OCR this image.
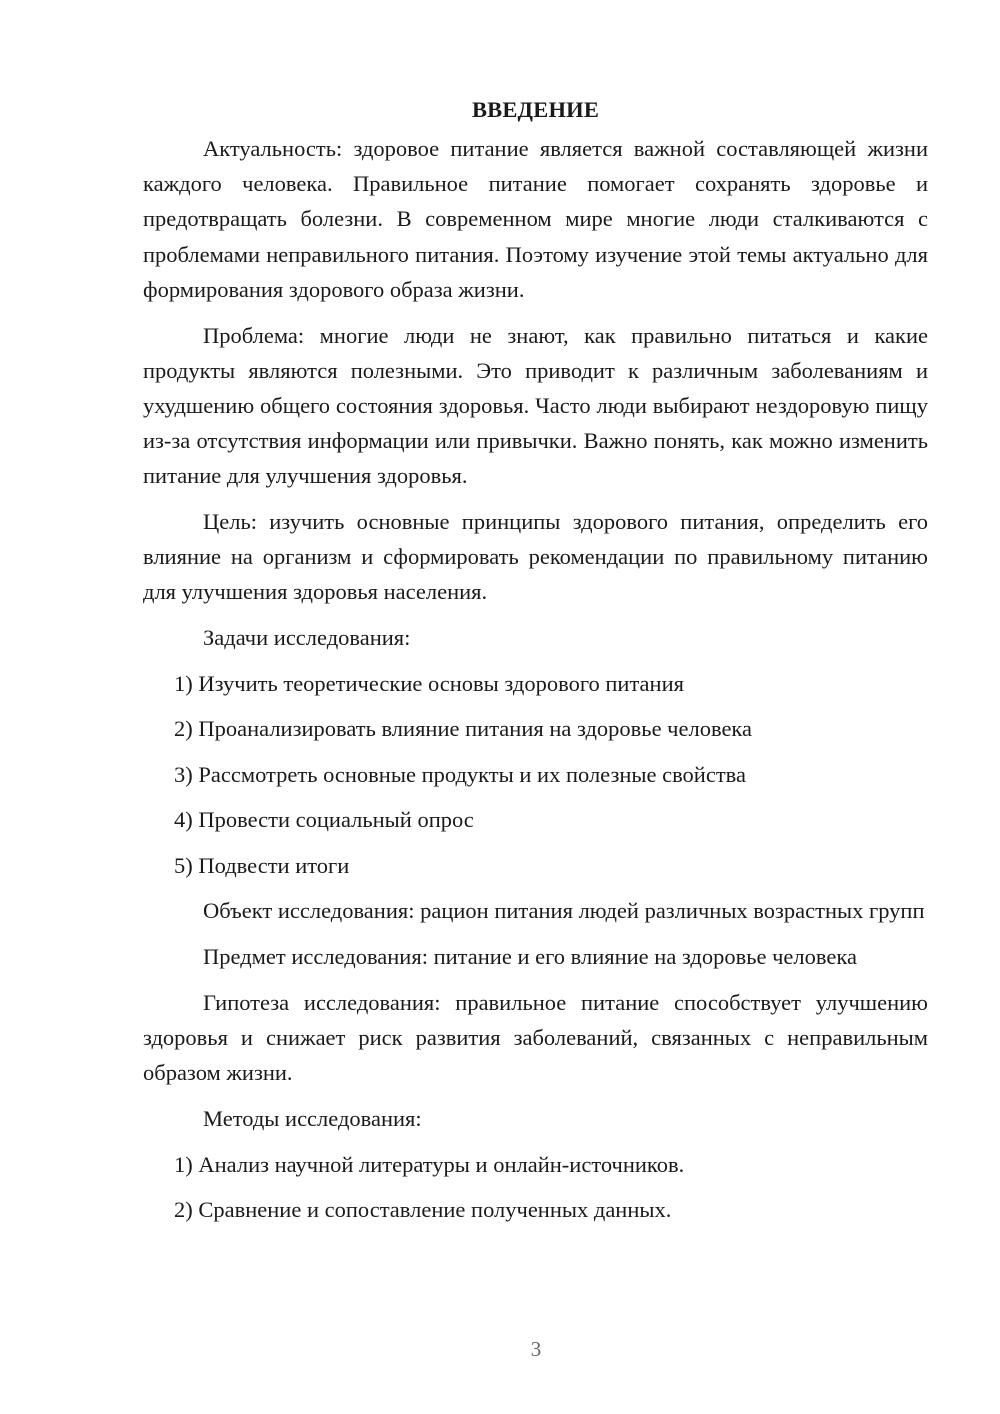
ВВЕДЕНИЕ

Актуальность: здоровое питание является важной составляющей жизни каждого человека. Правильное питание помогает сохранять здоровье и предотвращать болезни. В современном мире многие люди сталкиваются с проблемами неправильного питания. Поэтому изучение этой темы актуально для формирования здорового образа жизни.

Проблема: многие люди не знают, как правильно питаться и какие продукты являются полезными. Это приводит к различным заболеваниям и ухудшению общего состояния здоровья. Часто люди выбирают нездоровую пищу из-за отсутствия информации или привычки. Важно понять, как можно изменить питание для улучшения здоровья.

Цель: изучить основные принципы здорового питания, определить его влияние на организм и сформировать рекомендации по правильному питанию для улучшения здоровья населения.

Задачи исследования:

1) Изучить теоретические основы здорового питания

2) Проанализировать влияние питания на здоровье человека

3) Рассмотреть основные продукты и их полезные свойства

4) Провести социальный опрос

5) Подвести итоги

Объект исследования: рацион питания людей различных возрастных групп

Предмет исследования: питание и его влияние на здоровье человека

Гипотеза исследования: правильное питание способствует улучшению здоровья и снижает риск развития заболеваний, связанных с неправильным образом жизни.

Методы исследования:

1) Анализ научной литературы и онлайн-источников.

2) Сравнение и сопоставление полученных данных.

3
